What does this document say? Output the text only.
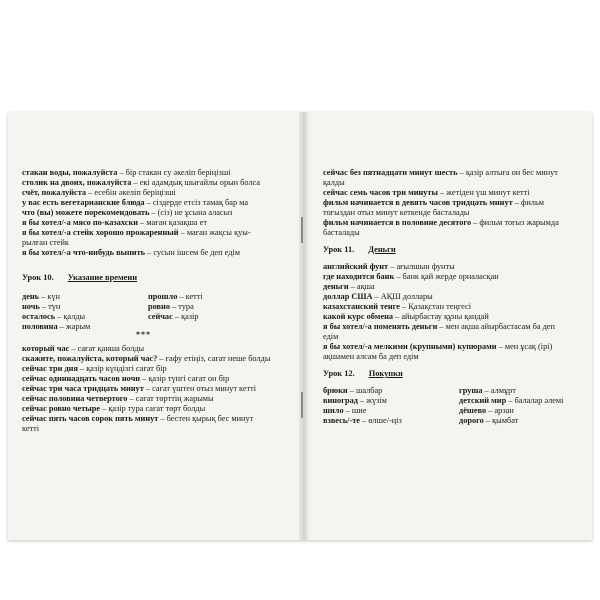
стакан воды, пожалуйста – бір стакан су әкеліп беріңізші
столик на двоих, пожалуйста – екі адамдық шығайлы орын болса
счёт, пожалуйста – есебін әкеліп беріңізші
у вас есть вегетарианские блюда – сіздерде етсіз тамақ бар ма
что (вы) можете порекомендовать – (сіз) не ұсына аласыз
я бы хотел/-а мясо по-казахски – маған қазақша ет
я бы хотел/-а стейк хорошо прожаренный – маған жақсы қуы-
рылған стейк
я бы хотел/-а что-нибудь выпить – сусын ішсем бе деп едім
Урок 10. Указание времени
день – күн
ночь – түн
осталось – қалды
половина – жарым
прошло – кетті
ровно – тура
сейчас – қазір
***
который час – сағат қанша болды
скажите, пожалуйста, который час? – ғафу етіңіз, сағат неше болды
сейчас три дня – қазір күндізгі сағат бір
сейчас одиннадцать часов ночи – қазір түнгі сағат он бір
сейчас три часа тридцать минут – сағат үштен отыз минут кетті
сейчас половина четвертого – сағат төрттің жарымы
сейчас ровно четыре – қазір тура сағат төрт болды
сейчас пять часов сорок пять минут – бестен қырық бес минут
кетті
сейчас без пятнадцати минут шесть – қазір алтыға он бес минут
қалды
сейчас семь часов три минуты – жетіден үш минут кетті
фильм начинается в девять часов тридцать минут – фильм
тоғыздан отыз минут кеткенде басталады
фильм начинается в половине десятого – фильм тоғыз жарымда
басталады
Урок 11. Деньги
английский фунт – ағылшын фунты
где находится банк – банк қай жерде орналасқан
деньги – ақша
доллар США – АҚШ доллары
казахстанский тенге – Қазақстан теңгесі
какой курс обмена – айырбастау құны қандай
я бы хотел/-а поменять деньги – мен ақша айырбастасам ба деп
едім
я бы хотел/-а мелкими (крупными) купюрами – мен ұсақ (ірі)
ақшамен алсам ба деп едім
Урок 12. Покупки
брюки – шалбар
виноград – жүзім
шило – шие
взвесь/-те – өлше/-ңіз
груша – алмұрт
детский мир – балалар әлемі
дёшево – арзан
дорого – қымбат
